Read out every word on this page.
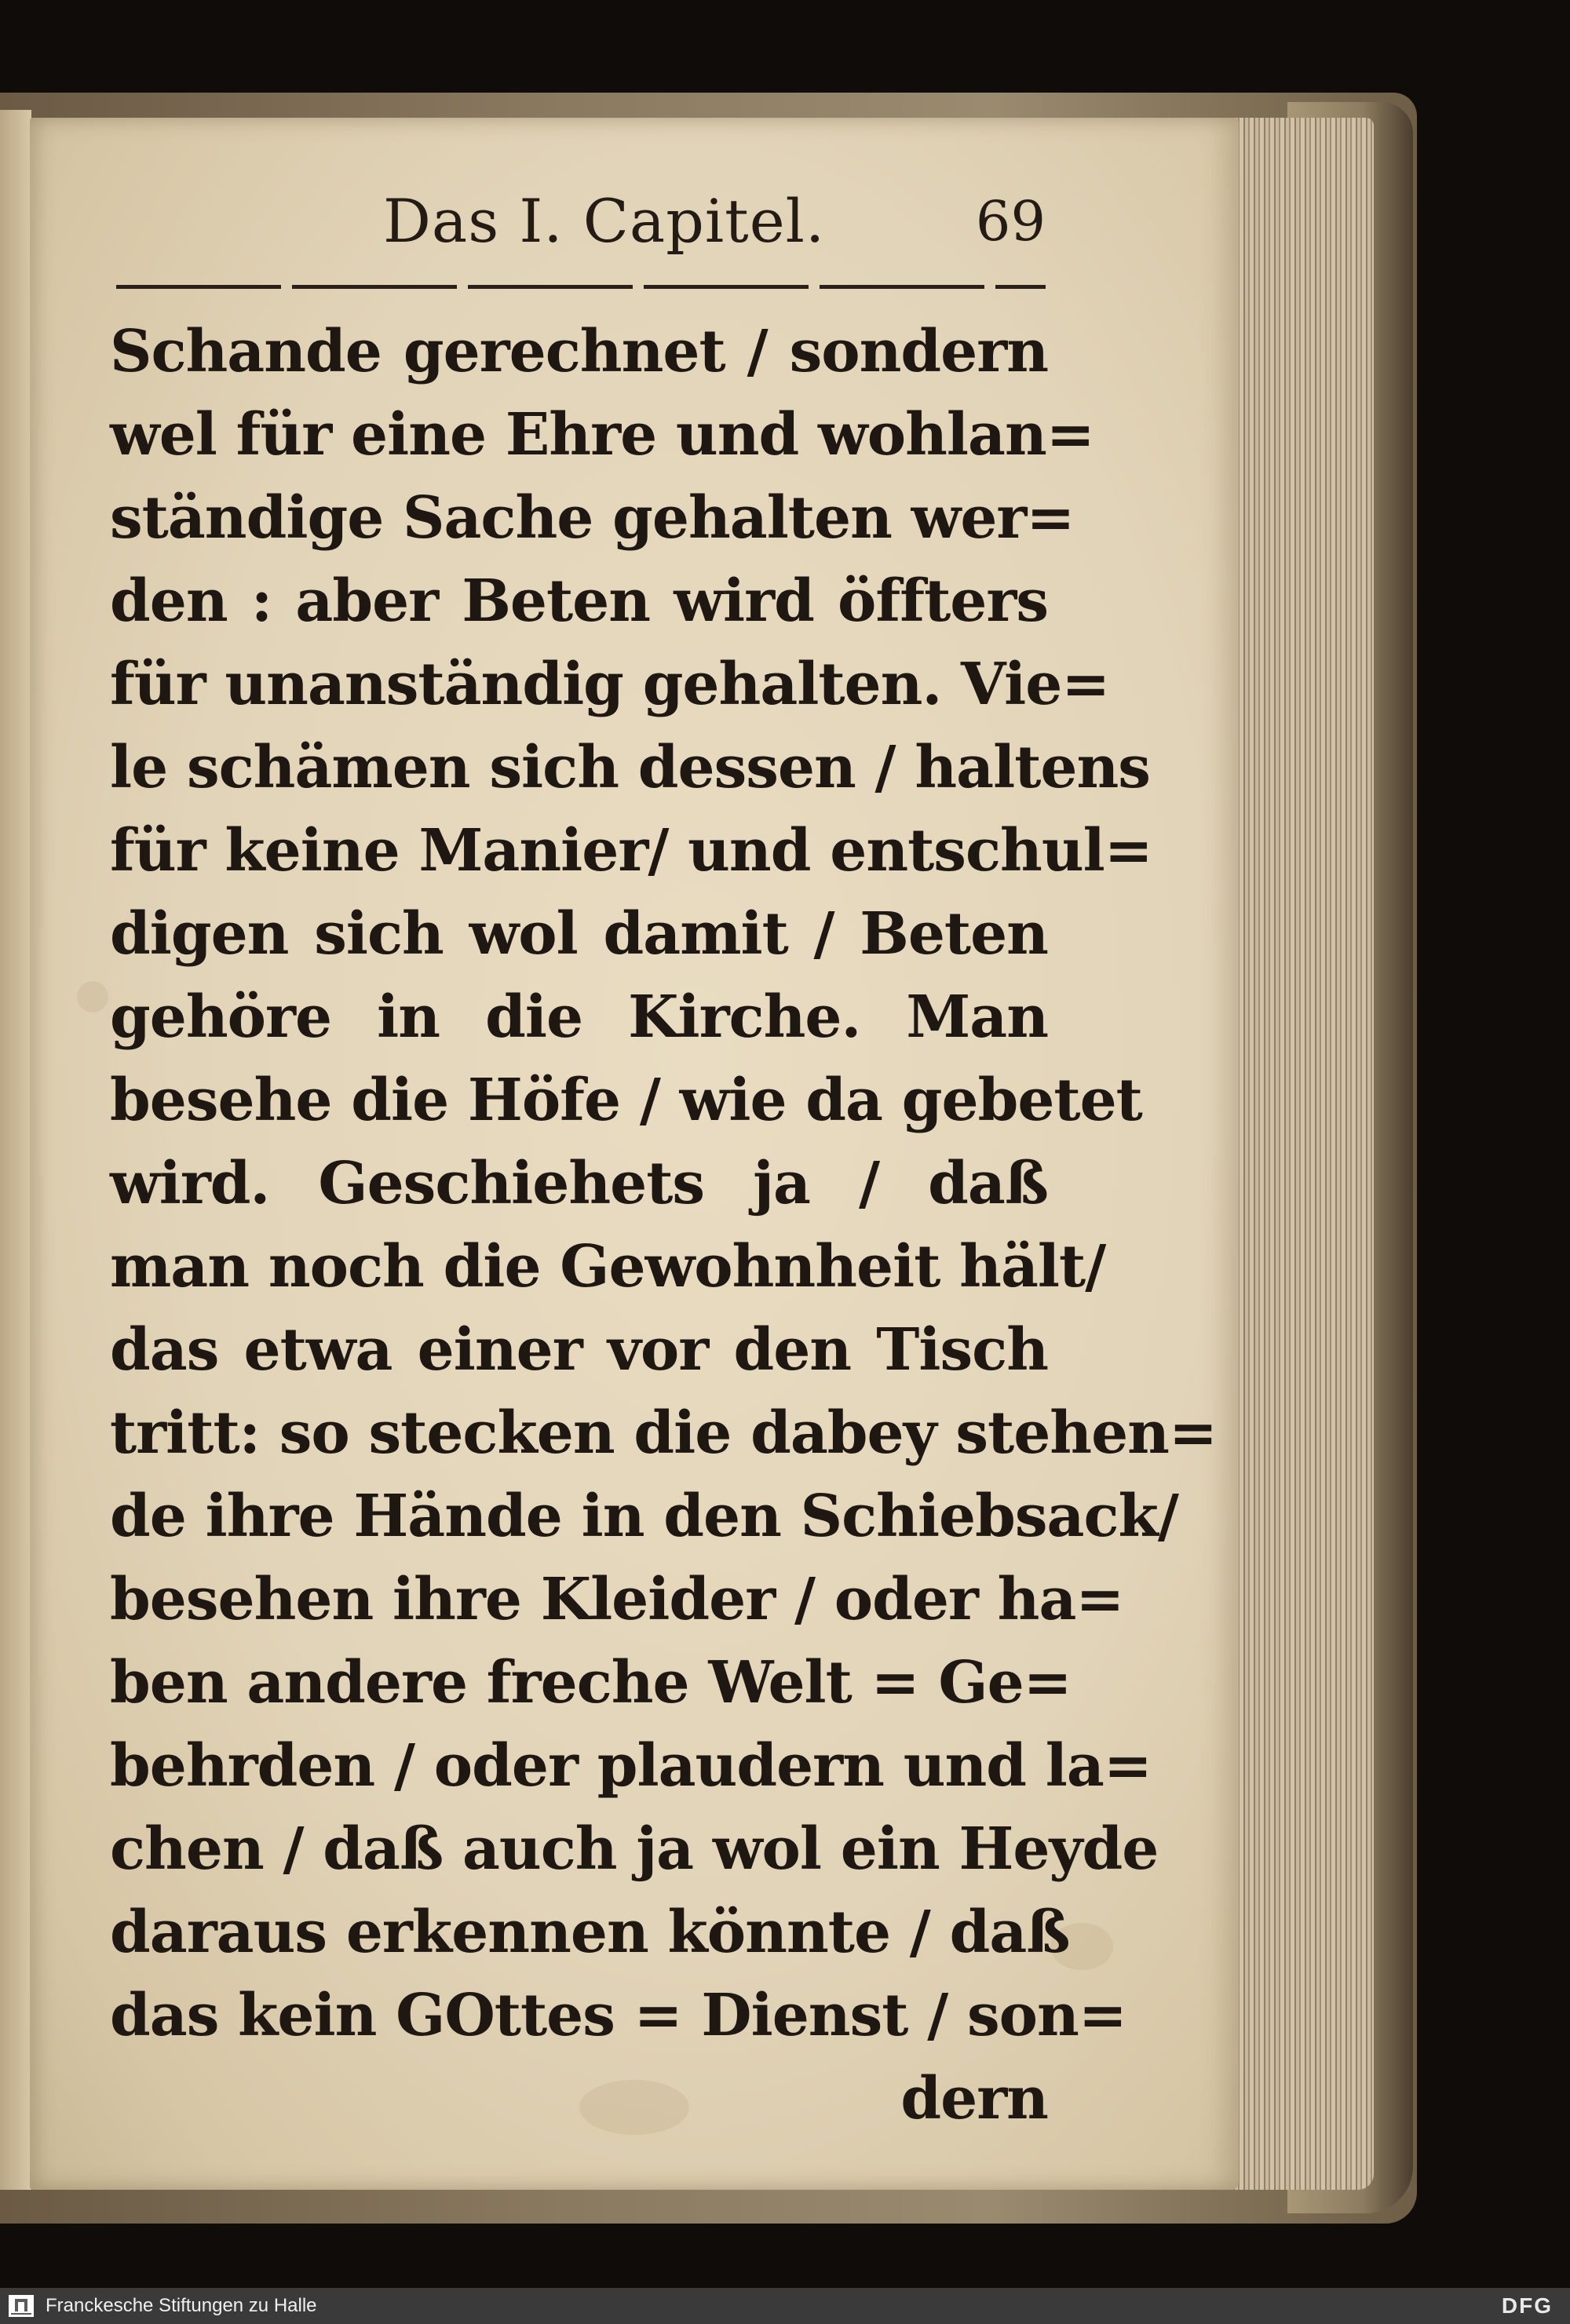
Das I. Capitel.	69
Schande gerechnet / sondern
wel für eine Ehre und wohlan=
ständige Sache gehalten wer=
den : aber Beten wird öffters
für unanständig gehalten. Vie=
le schämen sich dessen / haltens
für keine Manier/ und entschul=
digen sich wol damit / Beten
gehöre in die Kirche. Man
besehe die Höfe / wie da gebetet
wird. Geschiehets ja / daß
man noch die Gewohnheit hält/
das etwa einer vor den Tisch
tritt: so stecken die dabey stehen=
de ihre Hände in den Schiebsack/
besehen ihre Kleider / oder ha=
ben andere freche Welt = Ge=
behrden / oder plaudern und la=
chen / daß auch ja wol ein Heyde
daraus erkennen könnte / daß
das kein GOttes = Dienst / son=
dern
Franckesche Stiftungen zu Halle	DFG
